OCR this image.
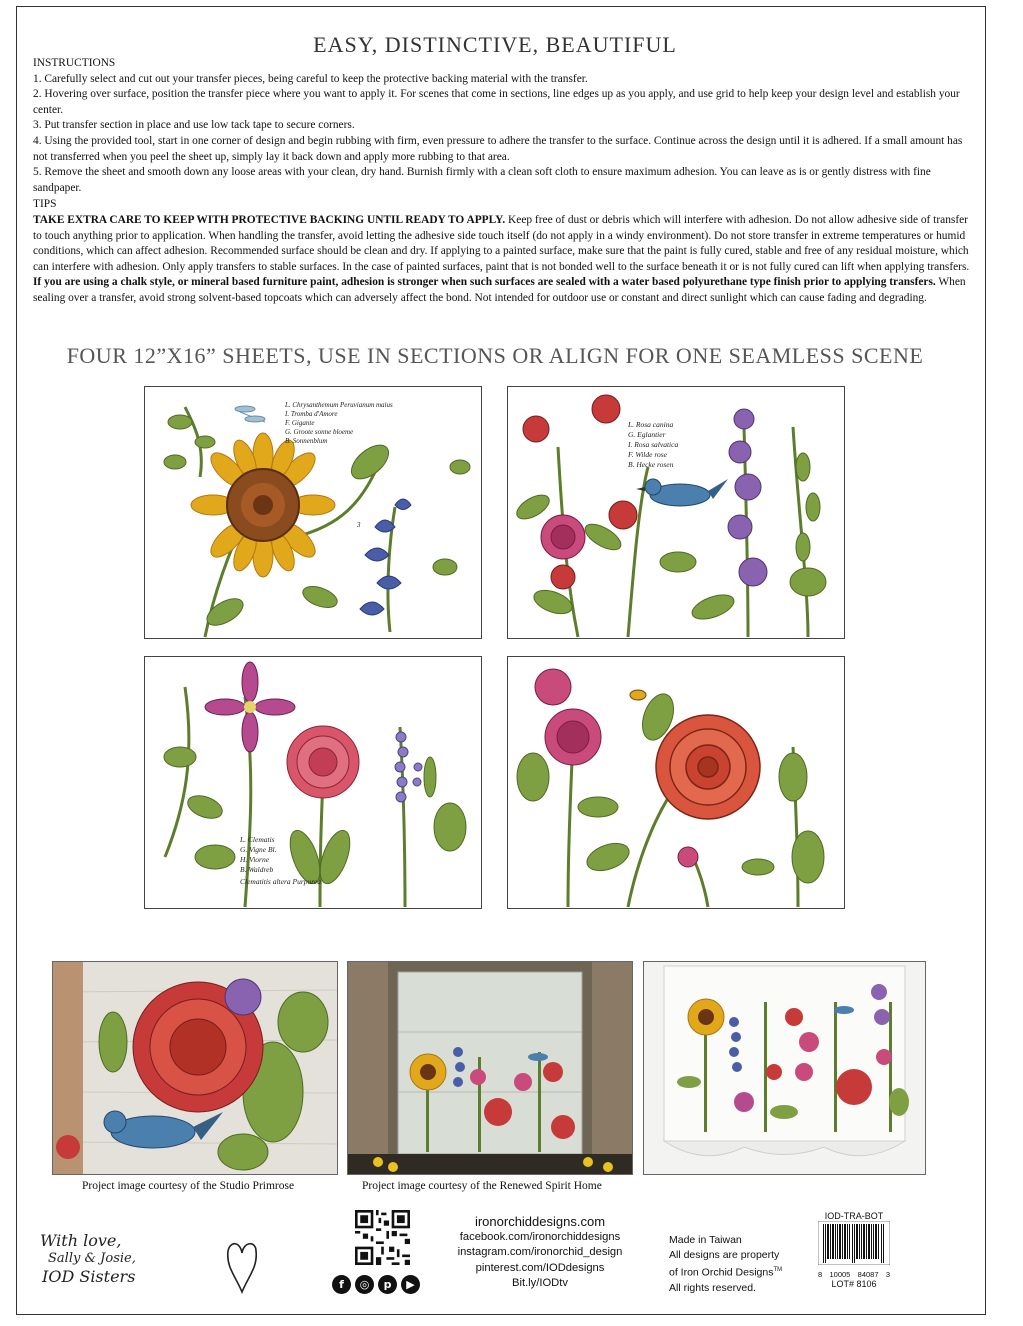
EASY, DISTINCTIVE, BEAUTIFUL

INSTRUCTIONS

1. Carefully select and cut out your transfer pieces, being careful to keep the protective backing material with the transfer.

2. Hovering over surface, position the transfer piece where you want to apply it. For scenes that come in sections, line edges up as you apply, and use grid to help keep your design level and establish your center.

3. Put transfer section in place and use low tack tape to secure corners.

4. Using the provided tool, start in one corner of design and begin rubbing with firm, even pressure to adhere the transfer to the surface. Continue across the design until it is adhered. If a small amount has not transferred when you peel the sheet up, simply lay it back down and apply more rubbing to that area.

5. Remove the sheet and smooth down any loose areas with your clean, dry hand. Burnish firmly with a clean soft cloth to ensure maximum adhesion. You can leave as is or gently distress with fine sandpaper.

TIPS

TAKE EXTRA CARE TO KEEP WITH PROTECTIVE BACKING UNTIL READY TO APPLY. Keep free of dust or debris which will interfere with adhesion. Do not allow adhesive side of transfer to touch anything prior to application. When handling the transfer, avoid letting the adhesive side touch itself (do not apply in a windy environment). Do not store transfer in extreme temperatures or humid conditions, which can affect adhesion. Recommended surface should be clean and dry. If applying to a painted surface, make sure that the paint is fully cured, stable and free of any residual moisture, which can interfere with adhesion. Only apply transfers to stable surfaces. In the case of painted surfaces, paint that is not bonded well to the surface beneath it or is not fully cured can lift when applying transfers. If you are using a chalk style, or mineral based furniture paint, adhesion is stronger when such surfaces are sealed with a water based polyurethane type finish prior to applying transfers. When sealing over a transfer, avoid strong solvent-based topcoats which can adversely affect the bond. Not intended for outdoor use or constant and direct sunlight which can cause fading and degrading.

FOUR 12”X16” SHEETS, USE IN SECTIONS OR ALIGN FOR ONE SEAMLESS SCENE
L. Chrysanthemum Peruvianum maius
I. Tromba d'Amore
F. Gigante
G. Groote sonne bloeme
B. Sonnenblum
3
L. Rosa canina
G. Eglantier
I. Rosa salvatica
F. Wilde rose
B. Hecke rosen
L. Clematis
G. Vigne Bl.
H. Viorne
B. Waldreb
Clematitis altera Purpurea
Project image courtesy of the Studio Primrose	Project image courtesy of the Renewed Spirit Home
With love,
Sally & Josie,
IOD Sisters	f	◎	p	▶
ironorchiddesigns.com
facebook.com/ironorchiddesigns
instagram.com/ironorchid_design
pinterest.com/IODdesigns
Bit.ly/IODtv
Made in Taiwan
All designs are property
of Iron Orchid Designs™
All rights reserved.
IOD-TRA-BOT
8 10005 84087 3
LOT# 8106
